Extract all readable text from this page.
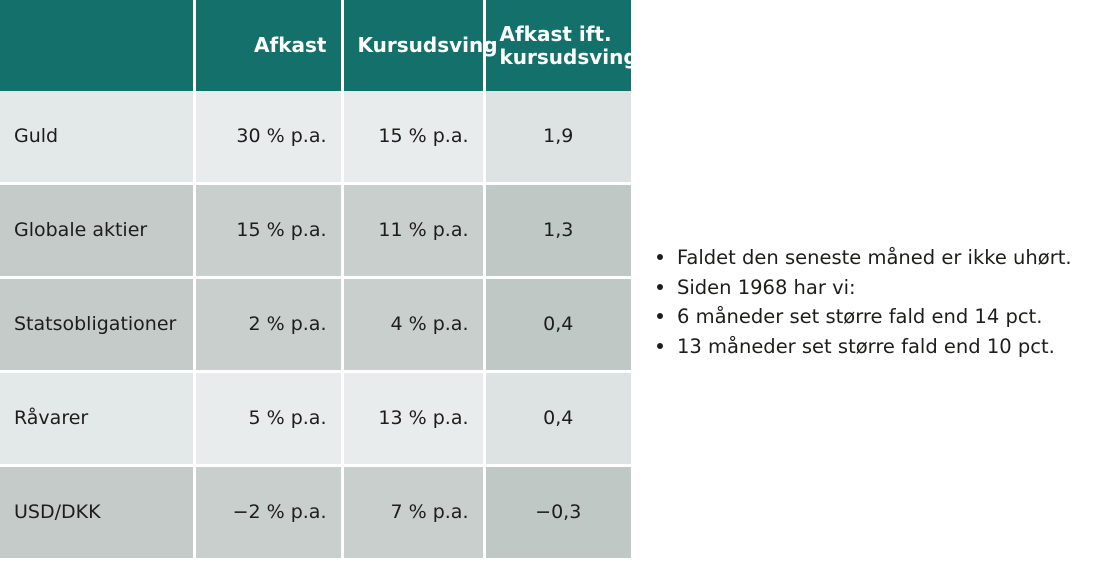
	Afkast	Kursudsving	Afkast ift. kursudsving
Guld	30 % p.a.	15 % p.a.	1,9
Globale aktier	15 % p.a.	11 % p.a.	1,3
Statsobligationer	2 % p.a.	4 % p.a.	0,4
Råvarer	5 % p.a.	13 % p.a.	0,4
USD/DKK	−2 % p.a.	7 % p.a.	−0,3
Faldet den seneste måned er ikke uhørt.
Siden 1968 har vi:
6 måneder set større fald end 14 pct.
13 måneder set større fald end 10 pct.
